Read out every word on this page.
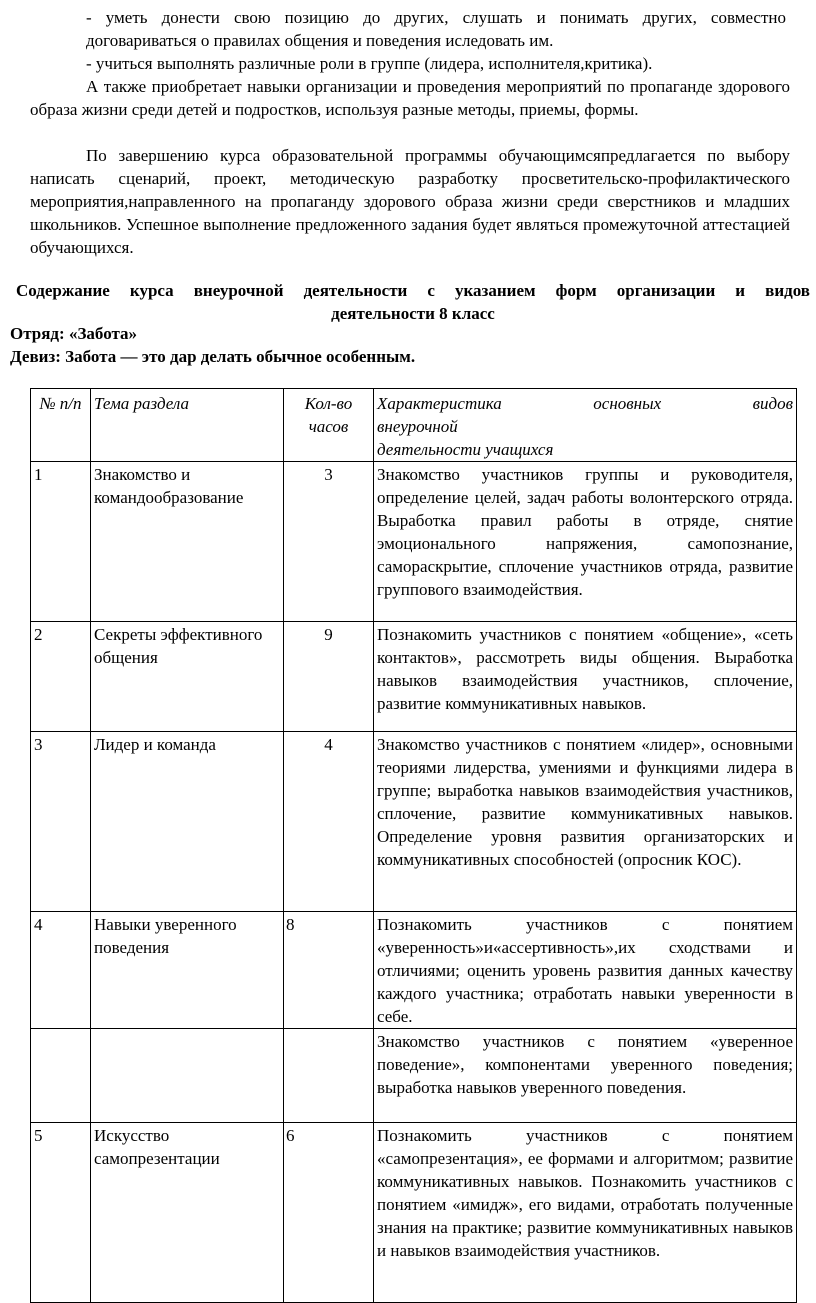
- уметь донести свою позицию до других, слушать и понимать других, совместно договариваться о правилах общения и поведения иследовать им.

- учиться выполнять различные роли в группе (лидера, исполнителя,критика).

А также приобретает навыки организации и проведения мероприятий по пропаганде здорового образа жизни среди детей и подростков, используя разные методы, приемы, формы.

По завершению курса образовательной программы обучающимсяпредлагается по выбору написать сценарий, проект, методическую разработку просветительско-профилактического мероприятия,направленного на пропаганду здорового образа жизни среди сверстников и младших школьников. Успешное выполнение предложенного задания будет являться промежуточной аттестацией обучающихся.

Содержание курса внеурочной деятельности с указанием форм организации и видов
деятельности 8 класс

Отряд: «Забота»

Девиз: Забота — это дар делать обычное особенным.

№ п/п	Тема раздела	Кол-во часов	Характеристика основных видов
внеурочной
деятельности учащихся

1	Знакомство и командообразование	3	Знакомство участников группы и руководителя, определение целей, задач работы волонтерского отряда. Выработка правил работы в отряде, снятие эмоционального напряжения, самопознание, самораскрытие, сплочение участников отряда, развитие группового взаимодействия.
2	Секреты эффективного общения	9	Познакомить участников с понятием «общение», «сеть контактов», рассмотреть виды общения. Выработка навыков взаимодействия участников, сплочение, развитие коммуникативных навыков.
3	Лидер и команда	4	Знакомство участников с понятием «лидер», основными теориями лидерства, умениями и функциями лидера в группе; выработка навыков взаимодействия участников, сплочение, развитие коммуникативных навыков. Определение уровня развития организаторских и коммуникативных способностей (опросник КОС).
4	Навыки уверенного поведения	8	Познакомить участников с понятием «уверенность»и«ассертивность»,их сходствами и отличиями; оценить уровень развития данных качеству каждого участника; отработать навыки уверенности в себе.
			Знакомство участников с понятием «уверенное поведение», компонентами уверенного поведения; выработка навыков уверенного поведения.
5	Искусство самопрезентации	6	Познакомить участников с понятием «самопрезентация», ее формами и алгоритмом; развитие коммуникативных навыков. Познакомить участников с понятием «имидж», его видами, отработать полученные знания на практике; развитие коммуникативных навыков и навыков взаимодействия участников.
